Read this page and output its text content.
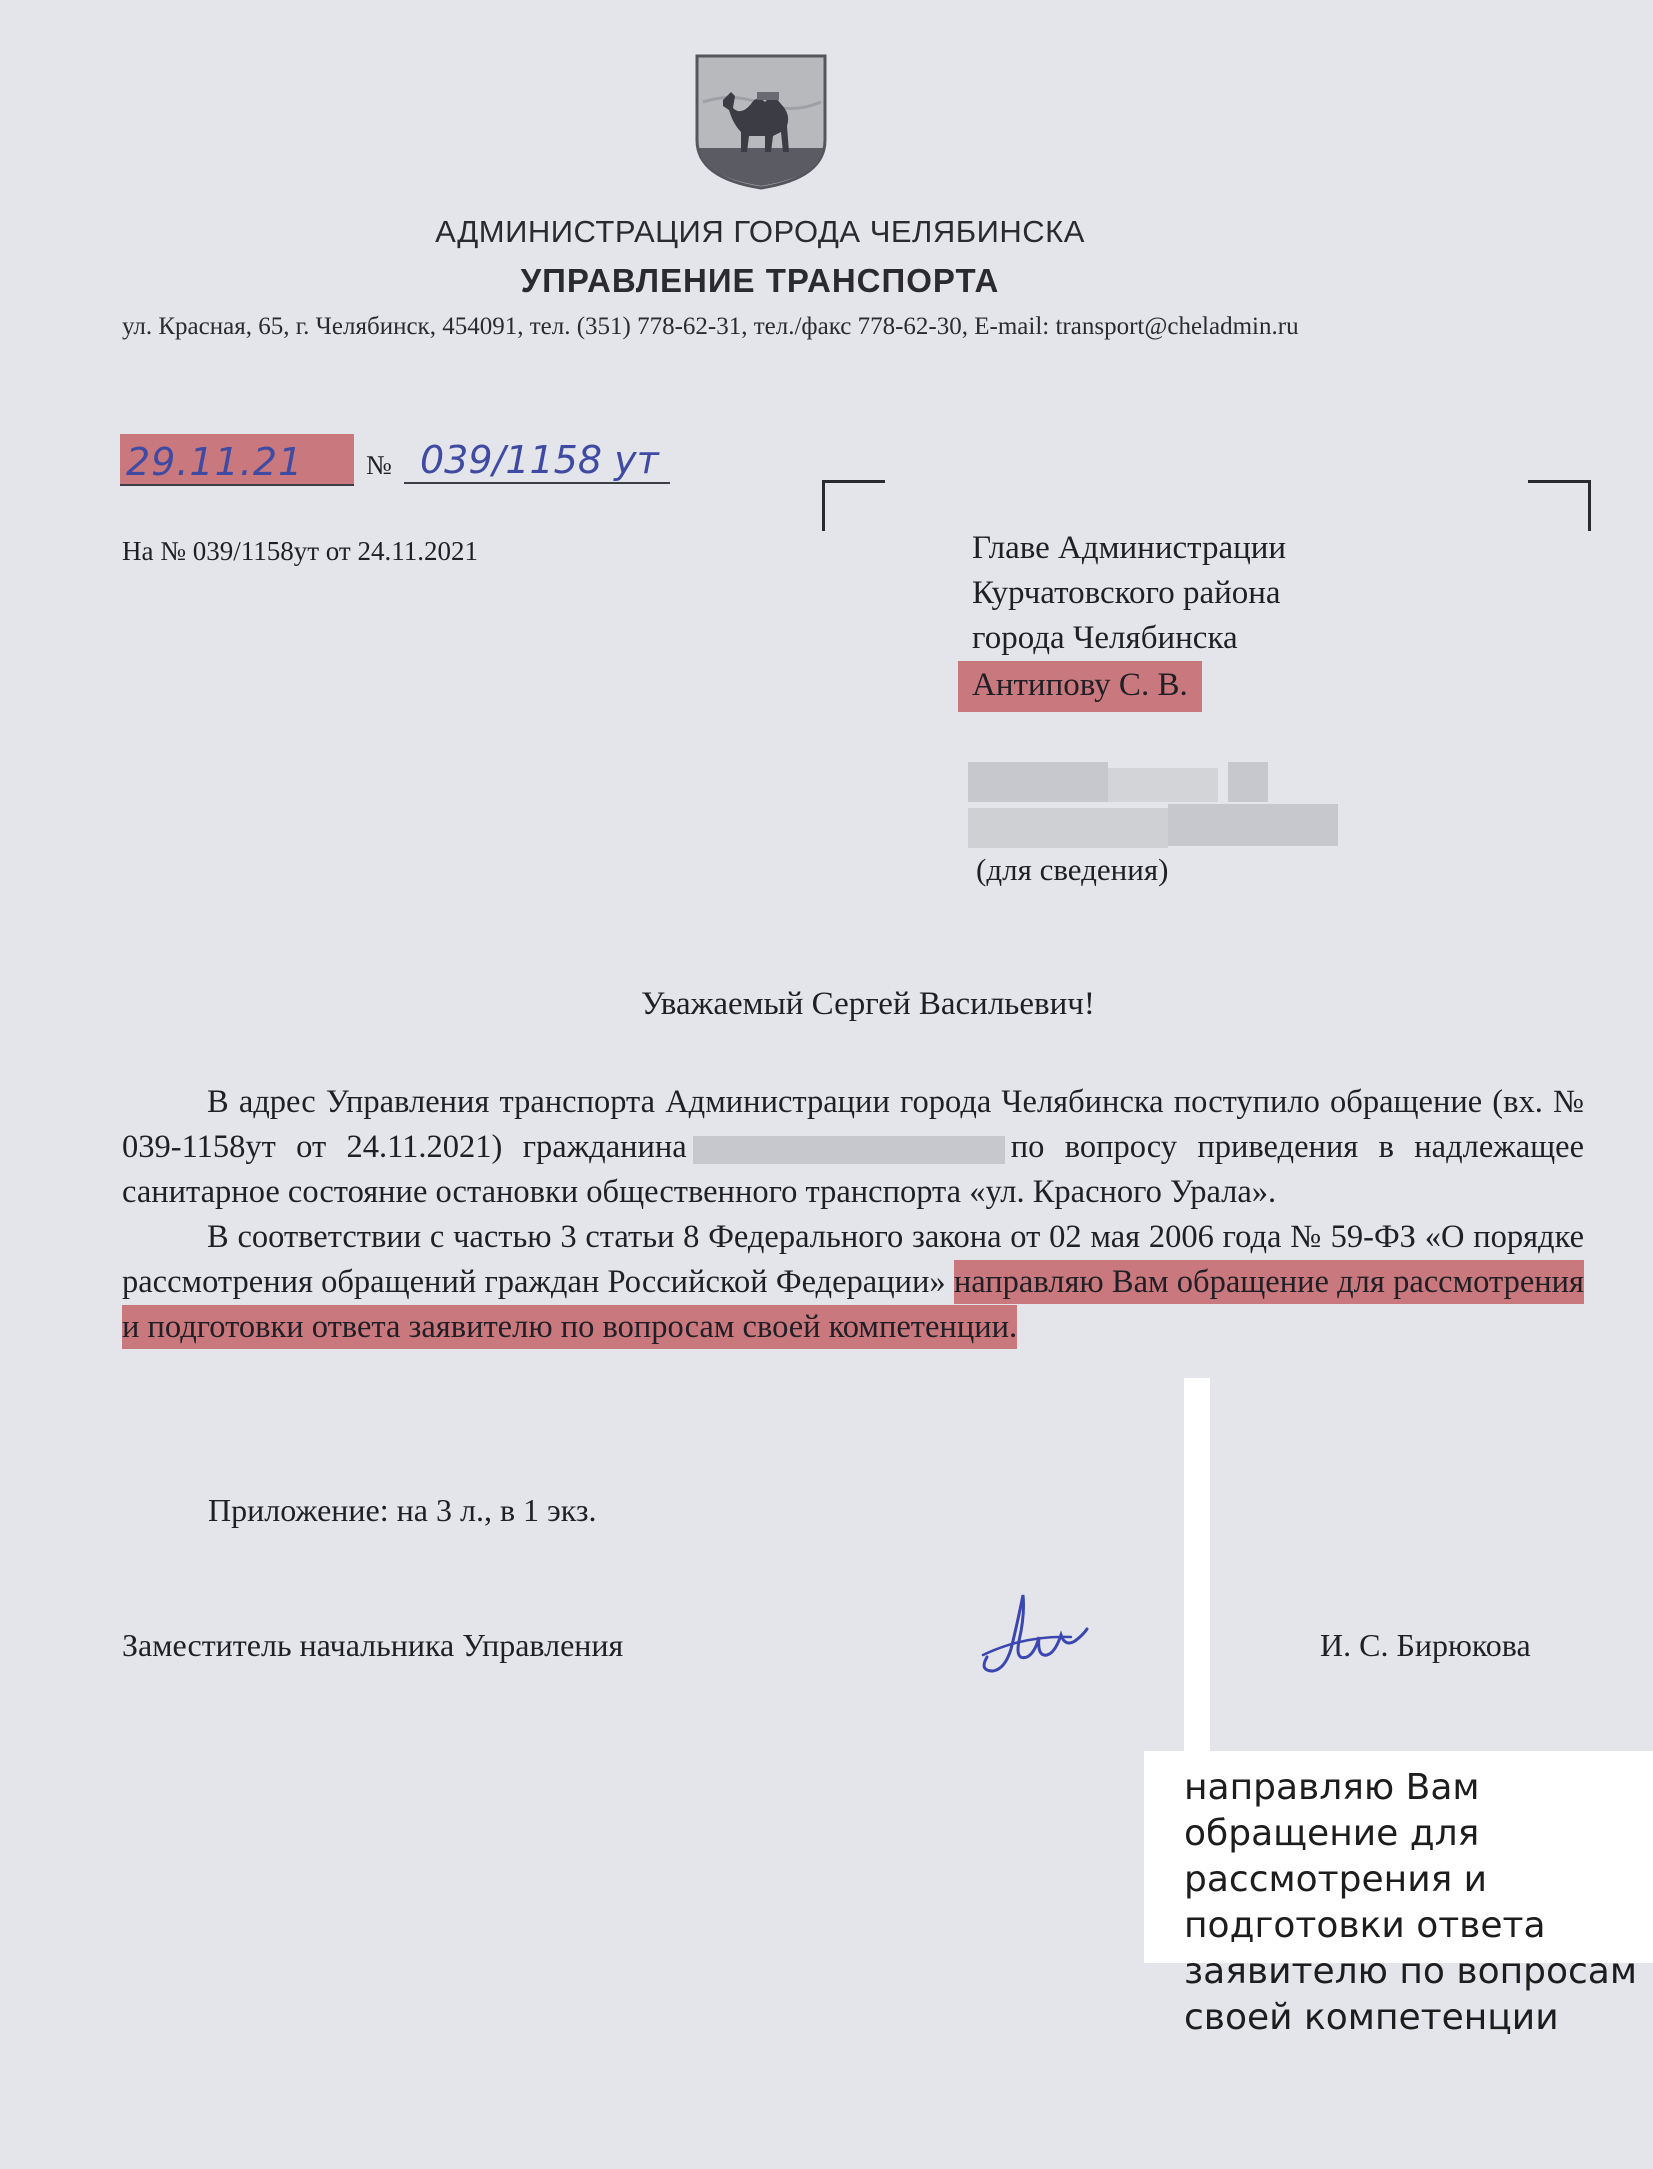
АДМИНИСТРАЦИЯ ГОРОДА ЧЕЛЯБИНСКА
УПРАВЛЕНИЕ ТРАНСПОРТА
ул. Красная, 65, г. Челябинск, 454091, тел. (351) 778-62-31, тел./факс 778-62-30, E-mail: transport@cheladmin.ru
29.11.21 № 039/1158 ут
На № 039/1158ут от 24.11.2021	Главе Администрации
Курчатовского района
города Челябинска
Антипову С. В.
(для сведения)
Уважаемый Сергей Васильевич!

В адрес Управления транспорта Администрации города Челябинска поступило обращение (вх. № 039-1158ут от 24.11.2021) гражданина	по вопросу приведения в надлежащее санитарное состояние остановки общественного транспорта «ул. Красного Урала».

В соответствии с частью 3 статьи 8 Федерального закона от 02 мая 2006 года № 59-ФЗ «О порядке рассмотрения обращений граждан Российской Федерации» направляю Вам обращение для рассмотрения и подготовки ответа заявителю по вопросам своей компетенции.

Приложение: на 3 л., в 1 экз.
Заместитель начальника Управления	И. С. Бирюкова
направляю Вам обращение для рассмотрения и подготовки ответа заявителю по вопросам своей компетенции
